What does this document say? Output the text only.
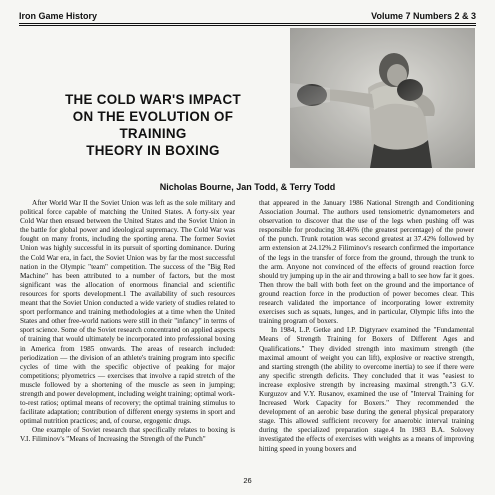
Iron Game History	Volume 7 Numbers 2 & 3
THE COLD WAR'S IMPACT
ON THE EVOLUTION OF
TRAINING
THEORY IN BOXING
Nicholas Bourne, Jan Todd, & Terry Todd

After World War II the Soviet Union was left as the sole military and political force capable of matching the United States. A forty-six year Cold War then ensued between the United States and the Soviet Union in the battle for global power and ideological supremacy. The Cold War was fought on many fronts, including the sporting arena. The former Soviet Union was highly successful in its pursuit of sporting dominance. During the Cold War era, in fact, the Soviet Union was by far the most successful nation in the Olympic "team" competition. The success of the "Big Red Machine" has been attributed to a number of factors, but the most significant was the allocation of enormous financial and scientific resources for sports development.1 The availability of such resources meant that the Soviet Union conducted a wide variety of studies related to sport performance and training methodologies at a time when the United States and other free-world nations were still in their "infancy" in terms of sport science. Some of the Soviet research concentrated on applied aspects of training that would ultimately be incorporated into professional boxing in America from 1985 onwards. The areas of research included: periodization — the division of an athlete's training program into specific cycles of time with the specific objective of peaking for major competitions; plyometrics — exercises that involve a rapid stretch of the muscle followed by a shortening of the muscle as seen in jumping; strength and power development, including weight training; optimal work-to-rest ratios; optimal means of recovery; the optimal training stimulus to facilitate adaptation; contribution of different energy systems in sport and optimal nutrition practices; and, of course, ergogenic drugs.

One example of Soviet research that specifically relates to boxing is V.I. Filiminov's "Means of Increasing the Strength of the Punch"

that appeared in the January 1986 National Strength and Conditioning Association Journal. The authors used tensiometric dynamometers and observation to discover that the use of the legs when pushing off was responsible for producing 38.46% (the greatest percentage) of the power of the punch. Trunk rotation was second greatest at 37.42% followed by arm extension at 24.12%.2 Filiminov's research confirmed the importance of the legs in the transfer of force from the ground, through the trunk to the arm. Anyone not convinced of the effects of ground reaction force should try jumping up in the air and throwing a ball to see how far it goes. Then throw the ball with both feet on the ground and the importance of ground reaction force in the production of power becomes clear. This research validated the importance of incorporating lower extremity exercises such as squats, lunges, and in particular, Olympic lifts into the training program of boxers.

In 1984, L.P. Getke and I.P. Digtyraev examined the "Fundamental Means of Strength Training for Boxers of Different Ages and Qualifications." They divided strength into maximum strength (the maximal amount of weight you can lift), explosive or reactive strength, and starting strength (the ability to overcome inertia) to see if there were any specific strength deficits. They concluded that it was "easiest to increase explosive strength by increasing maximal strength."3 G.V. Kurguzov and V.Y. Rusanov, examined the use of "Interval Training for Increased Work Capacity for Boxers." They recommended the development of an aerobic base during the general physical preparatory stage. This allowed sufficient recovery for anaerobic interval training during the specialized preparation stage.4 In 1983 B.A. Solovey investigated the effects of exercises with weights as a means of improving hitting speed in young boxers and

26
